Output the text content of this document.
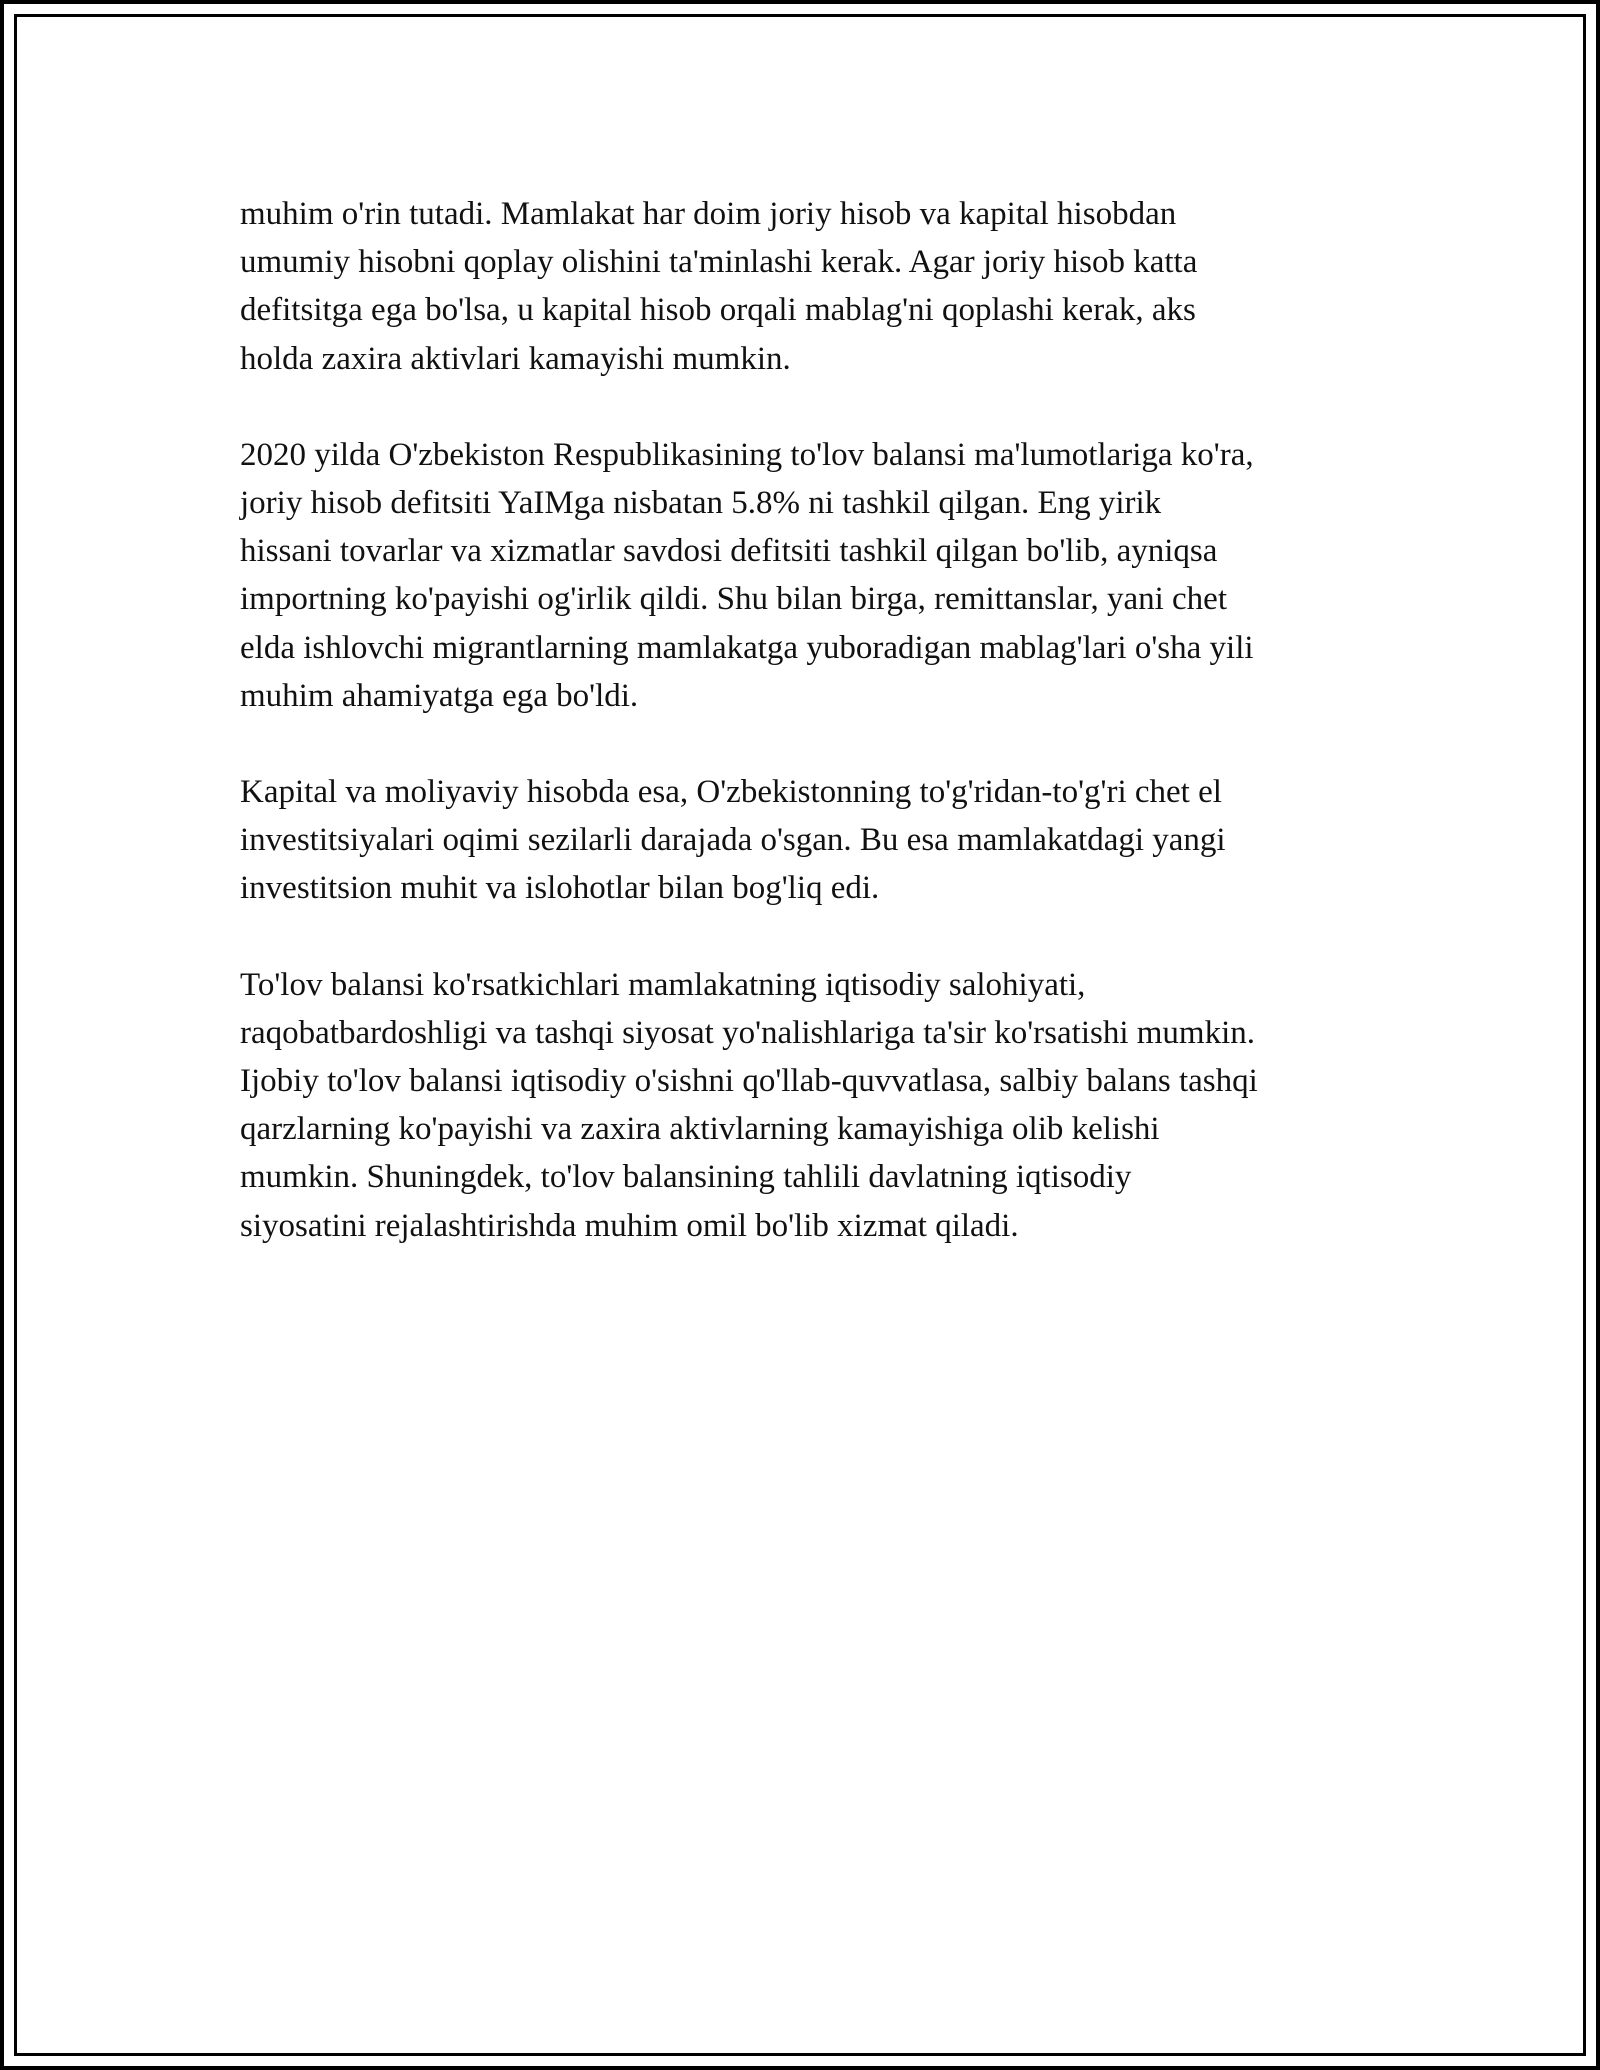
muhim o'rin tutadi. Mamlakat har doim joriy hisob va kapital hisobdan
umumiy hisobni qoplay olishini ta'minlashi kerak. Agar joriy hisob katta
defitsitga ega bo'lsa, u kapital hisob orqali mablag'ni qoplashi kerak, aks
holda zaxira aktivlari kamayishi mumkin.

2020 yilda O'zbekiston Respublikasining to'lov balansi ma'lumotlariga ko'ra,
joriy hisob defitsiti YaIMga nisbatan 5.8% ni tashkil qilgan. Eng yirik
hissani tovarlar va xizmatlar savdosi defitsiti tashkil qilgan bo'lib, ayniqsa
importning ko'payishi og'irlik qildi. Shu bilan birga, remittanslar, yani chet
elda ishlovchi migrantlarning mamlakatga yuboradigan mablag'lari o'sha yili
muhim ahamiyatga ega bo'ldi.

Kapital va moliyaviy hisobda esa, O'zbekistonning to'g'ridan-to'g'ri chet el
investitsiyalari oqimi sezilarli darajada o'sgan. Bu esa mamlakatdagi yangi
investitsion muhit va islohotlar bilan bog'liq edi.

To'lov balansi ko'rsatkichlari mamlakatning iqtisodiy salohiyati,
raqobatbardoshligi va tashqi siyosat yo'nalishlariga ta'sir ko'rsatishi mumkin.
Ijobiy to'lov balansi iqtisodiy o'sishni qo'llab-quvvatlasa, salbiy balans tashqi
qarzlarning ko'payishi va zaxira aktivlarning kamayishiga olib kelishi
mumkin. Shuningdek, to'lov balansining tahlili davlatning iqtisodiy
siyosatini rejalashtirishda muhim omil bo'lib xizmat qiladi.
